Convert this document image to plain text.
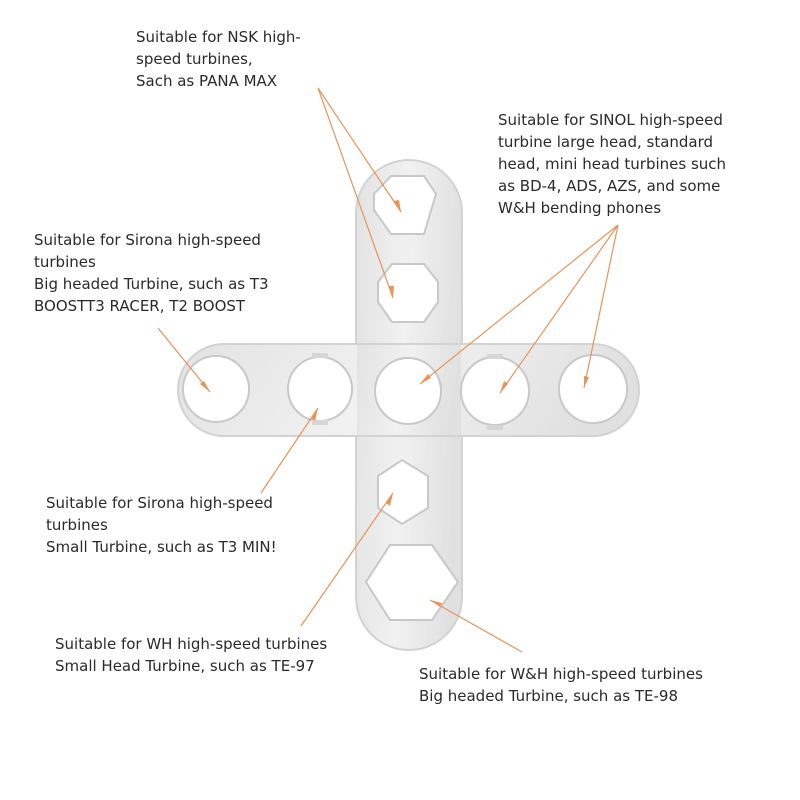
Suitable for NSK high-
speed turbines,
Sach as PANA MAX
Suitable for SINOL high-speed
turbine large head, standard
head, mini head turbines such
as BD-4, ADS, AZS, and some
W&H bending phones
Suitable for Sirona high-speed
turbines
Big headed Turbine, such as T3
BOOSTT3 RACER, T2 BOOST
Suitable for Sirona high-speed
turbines
Small Turbine, such as T3 MIN!
Suitable for WH high-speed turbines
Small Head Turbine, such as TE-97	Suitable for W&H high-speed turbines
Big headed Turbine, such as TE-98
